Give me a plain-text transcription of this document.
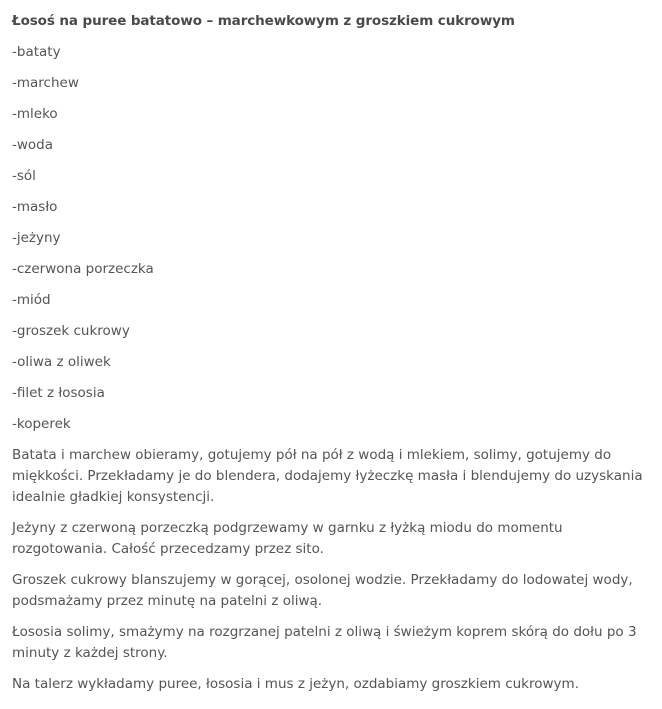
Łosoś na puree batatowo – marchewkowym z groszkiem cukrowym
-bataty
-marchew
-mleko
-woda
-sól
-masło
-jeżyny
-czerwona porzeczka
-miód
-groszek cukrowy
-oliwa z oliwek
-filet z łososia
-koperek

Batata i marchew obieramy, gotujemy pół na pół z wodą i mlekiem, solimy, gotujemy do miękkości. Przekładamy je do blendera, dodajemy łyżeczkę masła i blendujemy do uzyskania idealnie gładkiej konsystencji.

Jeżyny z czerwoną porzeczką podgrzewamy w garnku z łyżką miodu do momentu rozgotowania. Całość przecedzamy przez sito.

Groszek cukrowy blanszujemy w gorącej, osolonej wodzie. Przekładamy do lodowatej wody, podsmażamy przez minutę na patelni z oliwą.

Łososia solimy, smażymy na rozgrzanej patelni z oliwą i świeżym koprem skórą do dołu po 3 minuty z każdej strony.

Na talerz wykładamy puree, łososia i mus z jeżyn, ozdabiamy groszkiem cukrowym.
